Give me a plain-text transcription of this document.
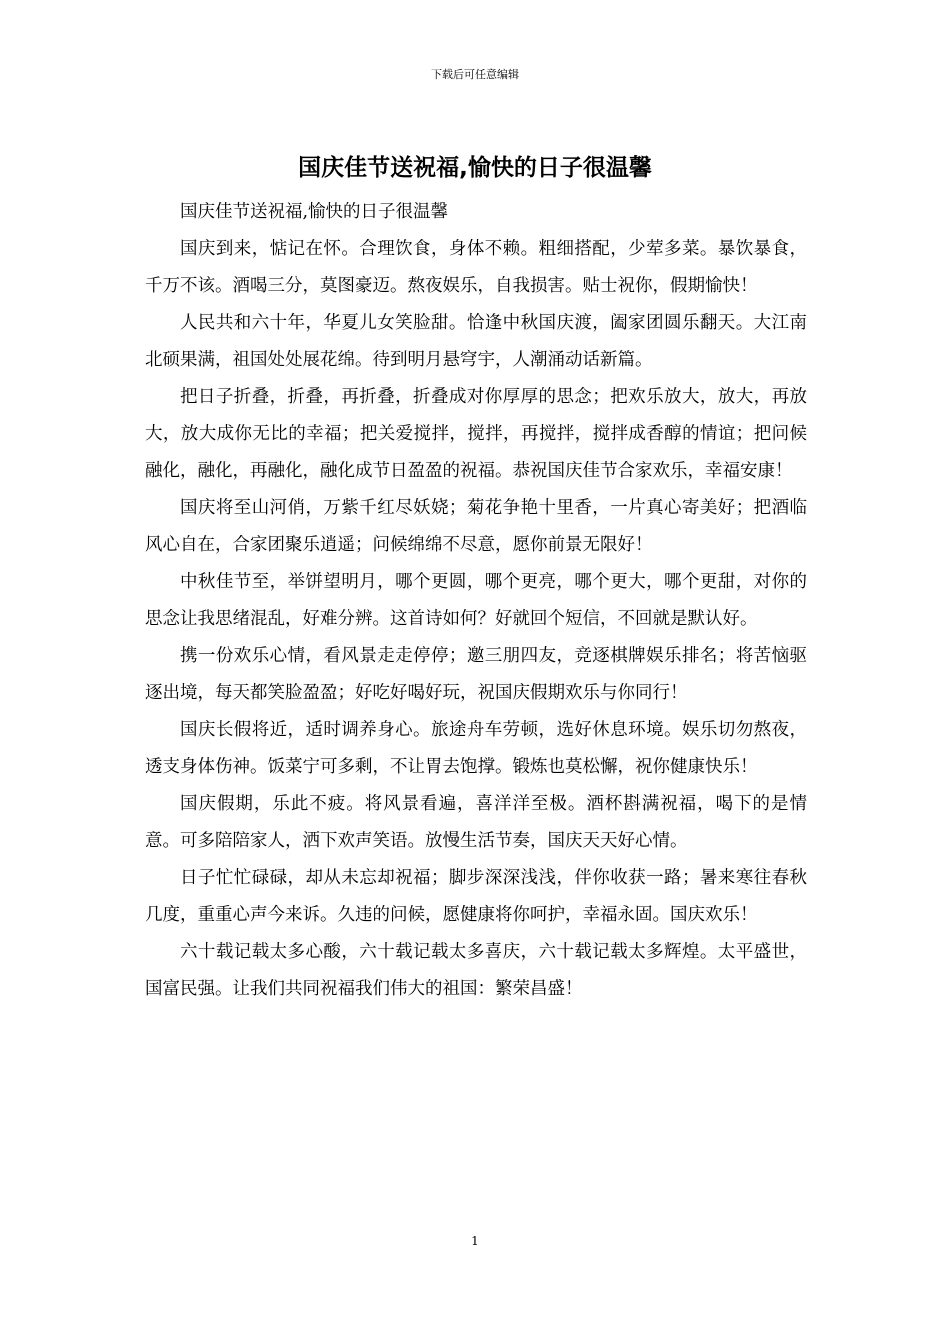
下载后可任意编辑
国庆佳节送祝福,愉快的日子很温馨

国庆佳节送祝福,愉快的日子很温馨

国庆到来，惦记在怀。合理饮食，身体不赖。粗细搭配，少荤多菜。暴饮暴食，千万不该。酒喝三分，莫图豪迈。熬夜娱乐，自我损害。贴士祝你，假期愉快！

人民共和六十年，华夏儿女笑脸甜。恰逢中秋国庆渡，阖家团圆乐翻天。大江南北硕果满，祖国处处展花绵。待到明月悬穹宇，人潮涌动话新篇。

把日子折叠，折叠，再折叠，折叠成对你厚厚的思念；把欢乐放大，放大，再放大，放大成你无比的幸福；把关爱搅拌，搅拌，再搅拌，搅拌成香醇的情谊；把问候融化，融化，再融化，融化成节日盈盈的祝福。恭祝国庆佳节合家欢乐，幸福安康！

国庆将至山河俏，万紫千红尽妖娆；菊花争艳十里香，一片真心寄美好；把酒临风心自在，合家团聚乐逍遥；问候绵绵不尽意，愿你前景无限好！

中秋佳节至，举饼望明月，哪个更圆，哪个更亮，哪个更大，哪个更甜，对你的思念让我思绪混乱，好难分辨。这首诗如何？好就回个短信，不回就是默认好。

携一份欢乐心情，看风景走走停停；邀三朋四友，竞逐棋牌娱乐排名；将苦恼驱逐出境，每天都笑脸盈盈；好吃好喝好玩，祝国庆假期欢乐与你同行！

国庆长假将近，适时调养身心。旅途舟车劳顿，选好休息环境。娱乐切勿熬夜，透支身体伤神。饭菜宁可多剩，不让胃去饱撑。锻炼也莫松懈，祝你健康快乐！

国庆假期，乐此不疲。将风景看遍，喜洋洋至极。酒杯斟满祝福，喝下的是情意。可多陪陪家人，洒下欢声笑语。放慢生活节奏，国庆天天好心情。

日子忙忙碌碌，却从未忘却祝福；脚步深深浅浅，伴你收获一路；暑来寒往春秋几度，重重心声今来诉。久违的问候，愿健康将你呵护，幸福永固。国庆欢乐！

六十载记载太多心酸，六十载记载太多喜庆，六十载记载太多辉煌。太平盛世，国富民强。让我们共同祝福我们伟大的祖国：繁荣昌盛！

1
